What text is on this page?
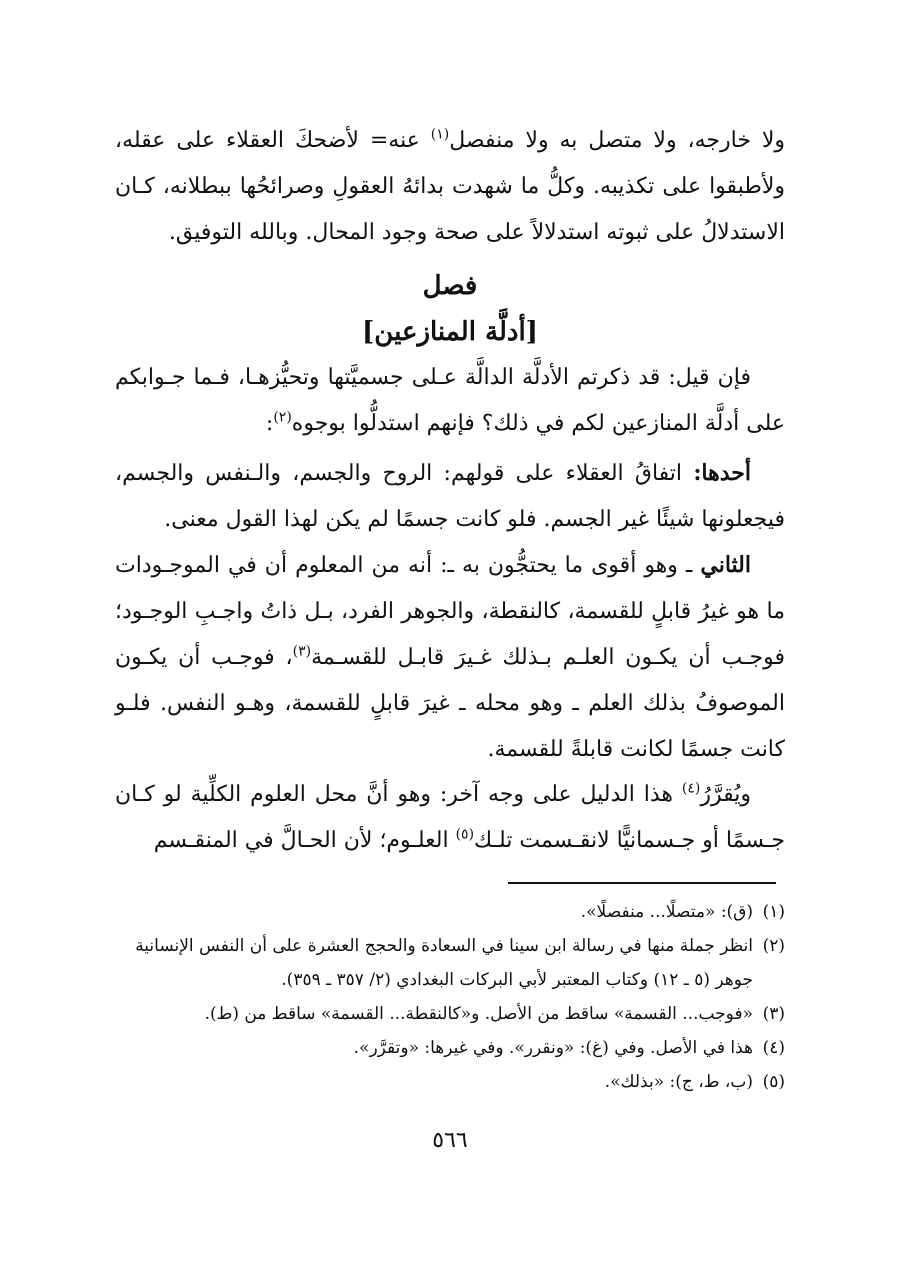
ولا خارجه، ولا متصل به ولا منفصل$^{(١)}$ عنه= لأضحكَ العقلاء على عقله، ولأطبقوا على تكذيبه. وكلُّ ما شهدت بدائهُ العقولِ وصرائحُها ببطلانه، كـان الاستدلالُ على ثبوته استدلالاً على صحة وجود المحال. وبالله التوفيق.

فصل
[أدلَّة المنازعين]

فإن قيل: قد ذكرتم الأدلَّة الدالَّة عـلى جسميَّتها وتحيُّزهـا، فـما جـوابكم على أدلَّة المنازعين لكم في ذلك؟ فإنهم استدلُّوا بوجوه$^{(٢)}$:

أحدها: اتفاقُ العقلاء على قولهم: الروح والجسم، والـنفس والجسم، فيجعلونها شيئًا غير الجسم. فلو كانت جسمًا لم يكن لهذا القول معنى.

الثاني ـ وهو أقوى ما يحتجُّون به ـ: أنه من المعلوم أن في الموجـودات ما هو غيرُ قابلٍ للقسمة، كالنقطة، والجوهر الفرد، بـل ذاتُ واجـبِ الوجـود؛ فوجـب أن يكـون العلـم بـذلك غـيرَ قابـل للقسـمة$^{(٣)}$، فوجـب أن يكـون الموصوفُ بذلك العلم ـ وهو محله ـ غيرَ قابلٍ للقسمة، وهـو النفس. فلـو كانت جسمًا لكانت قابلةً للقسمة.

ويُقرَّرُ$^{(٤)}$ هذا الدليل على وجه آخر: وهو أنَّ محل العلوم الكلِّية لو كـان جـسمًا أو جـسمانيًّا لانقـسمت تلـك$^{(٥)}$ العلـوم؛ لأن الحـالَّ في المنقـسم

(١)
(ق): «متصلًا... منفصلًا».
(٢)
انظر جملة منها في رسالة ابن سينا في السعادة والحجج العشرة على أن النفس الإنسانية جوهر (٥ ـ ١٢) وكتاب المعتبر لأبي البركات البغدادي (٢/ ٣٥٧ ـ ٣٥٩).
(٣)
«فوجب... القسمة» ساقط من الأصل. و«كالنقطة... القسمة» ساقط من (ط).
(٤)
هذا في الأصل. وفي (غ): «ونقرر». وفي غيرها: «وتقرَّر».
(٥)
(ب، ط، ج): «بذلك».
٥٦٦
